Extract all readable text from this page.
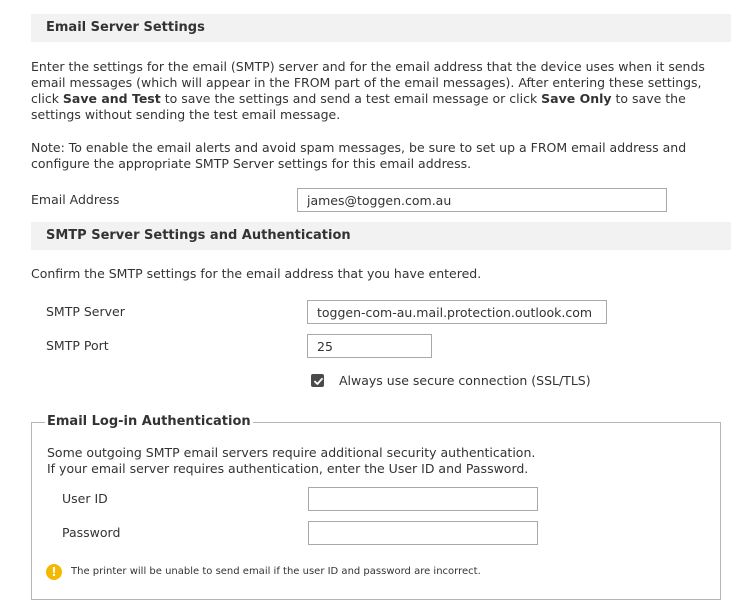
Email Server Settings
Enter the settings for the email (SMTP) server and for the email address that the device uses when it sends email messages (which will appear in the FROM part of the email messages). After entering these settings, click Save and Test to save the settings and send a test email message or click Save Only to save the settings without sending the test email message.
Note: To enable the email alerts and avoid spam messages, be sure to set up a FROM email address and configure the appropriate SMTP Server settings for this email address.
Email Address
james@toggen.com.au
SMTP Server Settings and Authentication
Confirm the SMTP settings for the email address that you have entered.
SMTP Server
toggen-com-au.mail.protection.outlook.com
SMTP Port
25
Always use secure connection (SSL/TLS)
Email Log-in Authentication
Some outgoing SMTP email servers require additional security authentication.
If your email server requires authentication, enter the User ID and Password.
User ID
Password
!	The printer will be unable to send email if the user ID and password are incorrect.
